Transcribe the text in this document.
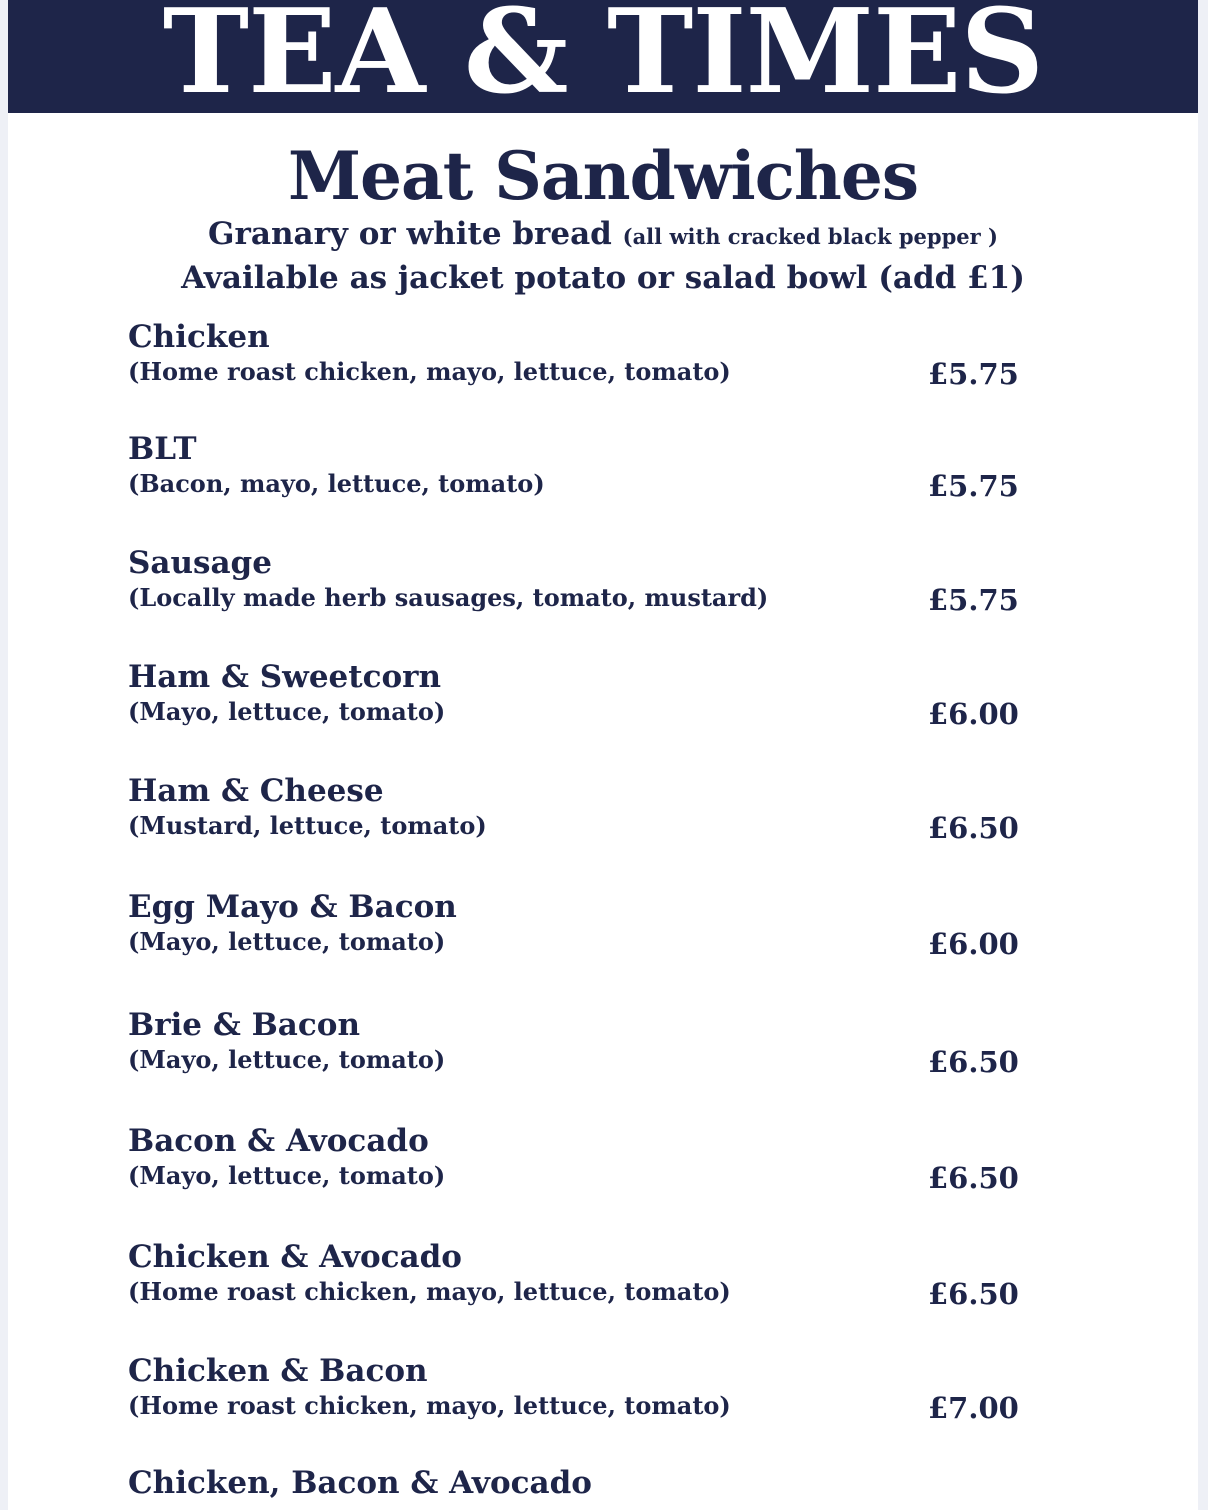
TEA & TIMES
Meat Sandwiches
Granary or white bread (all with cracked black pepper )
Available as jacket potato or salad bowl (add £1)
Chicken
(Home roast chicken, mayo, lettuce, tomato)	£5.75
BLT
(Bacon, mayo, lettuce, tomato)	£5.75
Sausage
(Locally made herb sausages, tomato, mustard)	£5.75
Ham & Sweetcorn
(Mayo, lettuce, tomato)	£6.00
Ham & Cheese
(Mustard, lettuce, tomato)	£6.50
Egg Mayo & Bacon
(Mayo, lettuce, tomato)	£6.00
Brie & Bacon
(Mayo, lettuce, tomato)	£6.50
Bacon & Avocado
(Mayo, lettuce, tomato)	£6.50
Chicken & Avocado
(Home roast chicken, mayo, lettuce, tomato)	£6.50
Chicken & Bacon
(Home roast chicken, mayo, lettuce, tomato)	£7.00
Chicken, Bacon & Avocado
